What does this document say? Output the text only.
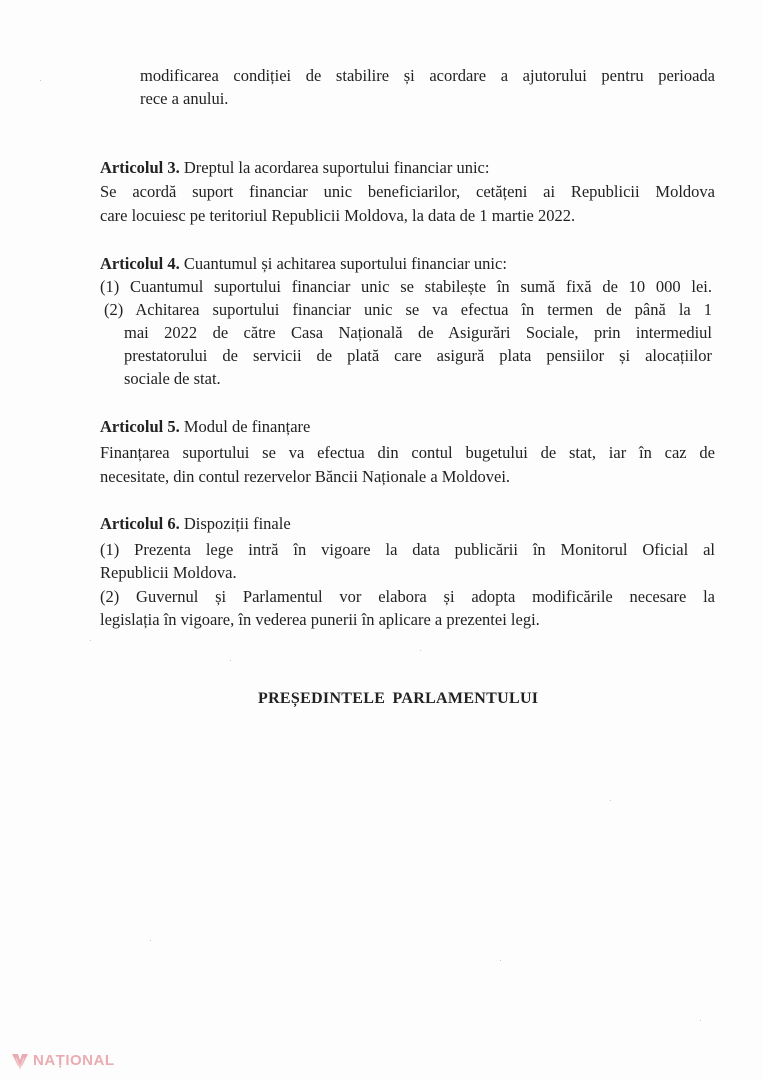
modificarea condiției de stabilire și acordare a ajutorului pentru perioada
rece a anului.
Articolul 3. Dreptul la acordarea suportului financiar unic:
Se acordă suport financiar unic beneficiarilor, cetățeni ai Republicii Moldova
care locuiesc pe teritoriul Republicii Moldova, la data de 1 martie 2022.
Articolul 4. Cuantumul și achitarea suportului financiar unic:
(1) Cuantumul suportului financiar unic se stabilește în sumă fixă de 10 000 lei.
(2) Achitarea suportului financiar unic se va efectua în termen de până la 1
mai 2022 de către Casa Națională de Asigurări Sociale, prin intermediul
prestatorului de servicii de plată care asigură plata pensiilor și alocațiilor
sociale de stat.
Articolul 5. Modul de finanțare
Finanțarea suportului se va efectua din contul bugetului de stat, iar în caz de
necesitate, din contul rezervelor Băncii Naționale a Moldovei.
Articolul 6. Dispoziții finale
(1) Prezenta lege intră în vigoare la data publicării în Monitorul Oficial al
Republicii Moldova.
(2) Guvernul și Parlamentul vor elabora și adopta modificările necesare la
legislația în vigoare, în vederea punerii în aplicare a prezentei legi.
PREȘEDINTELE PARLAMENTULUI
NAȚIONAL
